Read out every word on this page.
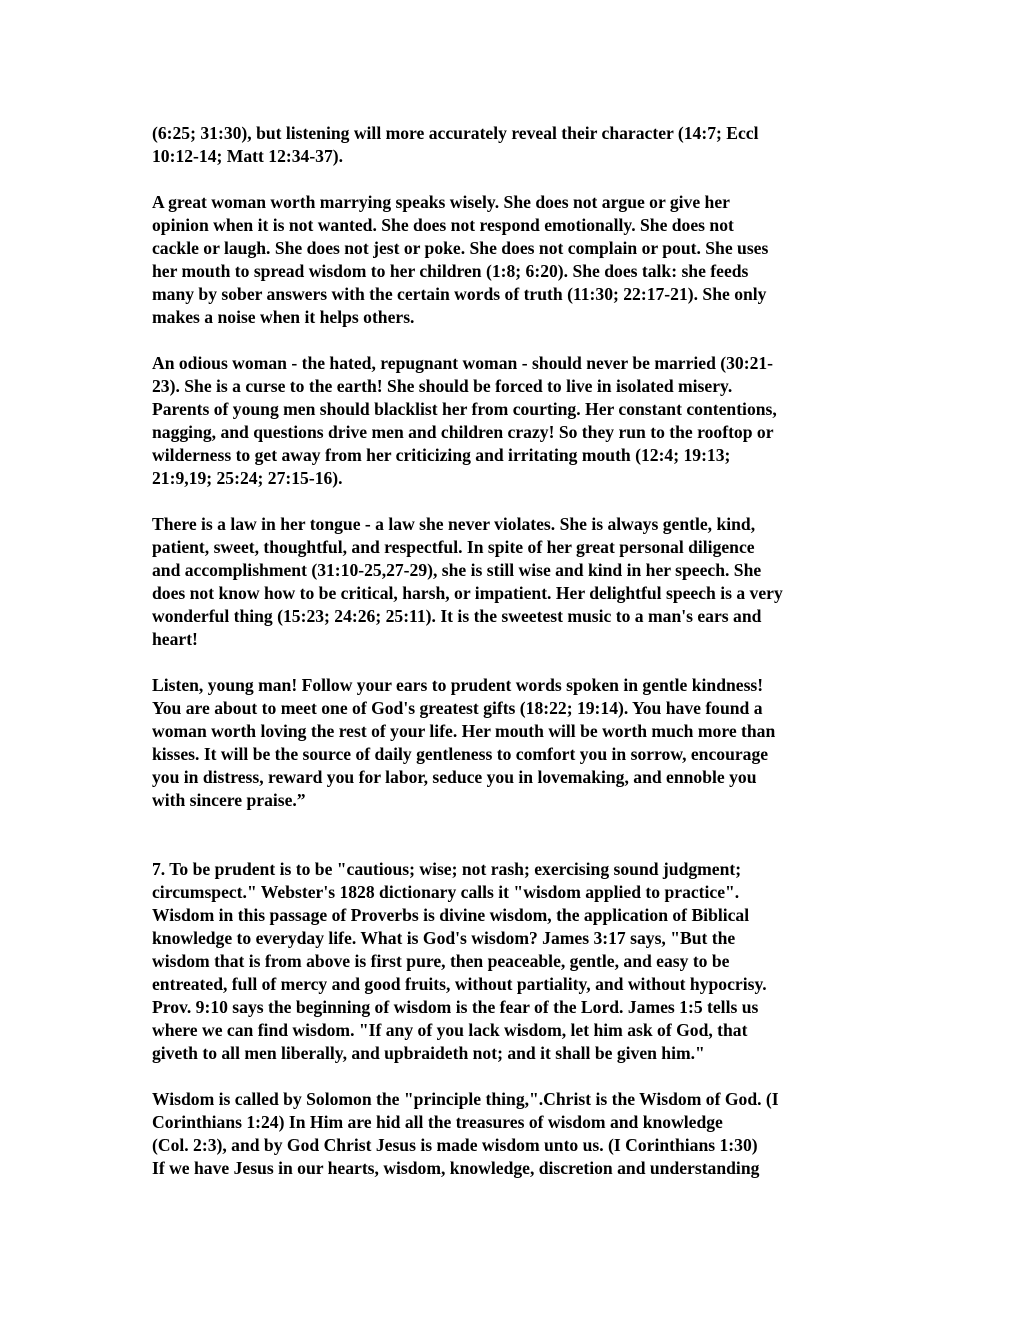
(6:25; 31:30), but listening will more accurately reveal their character (14:7; Eccl
10:12-14; Matt 12:34-37).

A great woman worth marrying speaks wisely. She does not argue or give her
opinion when it is not wanted. She does not respond emotionally. She does not
cackle or laugh. She does not jest or poke. She does not complain or pout. She uses
her mouth to spread wisdom to her children (1:8; 6:20). She does talk: she feeds
many by sober answers with the certain words of truth (11:30; 22:17-21). She only
makes a noise when it helps others.

An odious woman - the hated, repugnant woman - should never be married (30:21-
23). She is a curse to the earth! She should be forced to live in isolated misery.
Parents of young men should blacklist her from courting. Her constant contentions,
nagging, and questions drive men and children crazy! So they run to the rooftop or
wilderness to get away from her criticizing and irritating mouth (12:4; 19:13;
21:9,19; 25:24; 27:15-16).

There is a law in her tongue - a law she never violates. She is always gentle, kind,
patient, sweet, thoughtful, and respectful. In spite of her great personal diligence
and accomplishment (31:10-25,27-29), she is still wise and kind in her speech. She
does not know how to be critical, harsh, or impatient. Her delightful speech is a very
wonderful thing (15:23; 24:26; 25:11). It is the sweetest music to a man's ears and
heart!

Listen, young man! Follow your ears to prudent words spoken in gentle kindness!
You are about to meet one of God's greatest gifts (18:22; 19:14). You have found a
woman worth loving the rest of your life. Her mouth will be worth much more than
kisses. It will be the source of daily gentleness to comfort you in sorrow, encourage
you in distress, reward you for labor, seduce you in lovemaking, and ennoble you
with sincere praise.”

7. To be prudent is to be "cautious; wise; not rash; exercising sound judgment;
circumspect." Webster's 1828 dictionary calls it "wisdom applied to practice".
Wisdom in this passage of Proverbs is divine wisdom, the application of Biblical
knowledge to everyday life. What is God's wisdom? James 3:17 says, "But the
wisdom that is from above is first pure, then peaceable, gentle, and easy to be
entreated, full of mercy and good fruits, without partiality, and without hypocrisy.
Prov. 9:10 says the beginning of wisdom is the fear of the Lord. James 1:5 tells us
where we can find wisdom. "If any of you lack wisdom, let him ask of God, that
giveth to all men liberally, and upbraideth not; and it shall be given him."

Wisdom is called by Solomon the "principle thing,".Christ is the Wisdom of God. (I
Corinthians 1:24) In Him are hid all the treasures of wisdom and knowledge
(Col. 2:3), and by God Christ Jesus is made wisdom unto us. (I Corinthians 1:30)
If we have Jesus in our hearts, wisdom, knowledge, discretion and understanding
